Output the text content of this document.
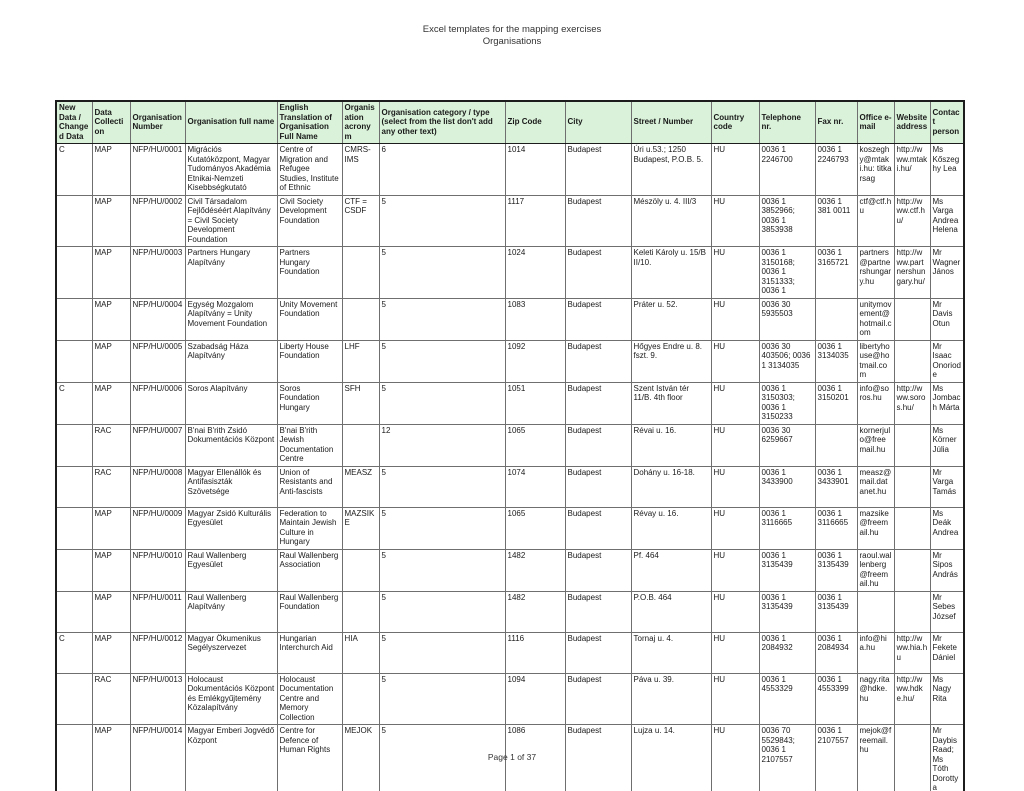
Excel templates for the mapping exercises
Organisations
New Data / Changed Data	Data Collection	Organisation Number	Organisation full name	English Translation of Organisation Full Name	Organisation acronym	Organisation category / type (select from the list don't add any other text)	Zip Code	City	Street / Number	Country code	Telephone nr.	Fax nr.	Office e-mail	Website address	Contact person
C	MAP	NFP/HU/0001	Migrációs Kutatóközpont, Magyar Tudományos Akadémia Etnikai-Nemzeti Kisebbségkutató	Centre of Migration and Refugee Studies, Institute of Ethnic	CMRS-IMS	6	1014	Budapest	Úri u.53.; 1250 Budapest, P.O.B. 5.	HU	0036 1 2246700	0036 1 2246793	koszeghy@mtaki.hu: titkarsag	http://www.mtaki.hu/	Ms Kőszeghy Lea
	MAP	NFP/HU/0002	Civil Társadalom Fejlődéséért Alapítvány = Civil Society Development Foundation	Civil Society Development Foundation	CTF = CSDF	5	1117	Budapest	Mészöly u. 4. III/3	HU	0036 1 3852966; 0036 1 3853938	0036 1 381 0011	ctf@ctf.hu	http://www.ctf.hu/	Ms Varga Andrea Helena
	MAP	NFP/HU/0003	Partners Hungary Alapítvány	Partners Hungary Foundation		5	1024	Budapest	Keleti Károly u. 15/B II/10.	HU	0036 1 3150168; 0036 1 3151333; 0036 1	0036 1 3165721	partners@partnershungary.hu	http://www.partnershungary.hu/	Mr Wagner János
	MAP	NFP/HU/0004	Egység Mozgalom Alapítvány = Unity Movement Foundation	Unity Movement Foundation		5	1083	Budapest	Práter u. 52.	HU	0036 30 5935503		unitymovement@hotmail.com		Mr Davis Otun
	MAP	NFP/HU/0005	Szabadság Háza Alapítvány	Liberty House Foundation	LHF	5	1092	Budapest	Hőgyes Endre u. 8. fszt. 9.	HU	0036 30 403506; 0036 1 3134035	0036 1 3134035	libertyhouse@hotmail.com		Mr Isaac Onoriode
C	MAP	NFP/HU/0006	Soros Alapítvány	Soros Foundation Hungary	SFH	5	1051	Budapest	Szent István tér 11/B. 4th floor	HU	0036 1 3150303; 0036 1 3150233	0036 1 3150201	info@soros.hu	http://www.soros.hu/	Ms Jombach Márta
	RAC	NFP/HU/0007	B'nai B'rith Zsidó Dokumentációs Központ	B'nai B'rith Jewish Documentation Centre		12	1065	Budapest	Révai u. 16.	HU	0036 30 6259667		kornerjulo@freemail.hu		Ms Körner Júlia
	RAC	NFP/HU/0008	Magyar Ellenállók és Antifasiszták Szövetsége	Union of Resistants and Anti-fascists	MEASZ	5	1074	Budapest	Dohány u. 16-18.	HU	0036 1 3433900	0036 1 3433901	measz@mail.datanet.hu		Mr Varga Tamás
	MAP	NFP/HU/0009	Magyar Zsidó Kulturális Egyesület	Federation to Maintain Jewish Culture in Hungary	MAZSIKE	5	1065	Budapest	Révay u. 16.	HU	0036 1 3116665	0036 1 3116665	mazsike@freemail.hu		Ms Deák Andrea
	MAP	NFP/HU/0010	Raul Wallenberg Egyesület	Raul Wallenberg Association		5	1482	Budapest	Pf. 464	HU	0036 1 3135439	0036 1 3135439	raoul.wallenberg@freemail.hu		Mr Sipos András
	MAP	NFP/HU/0011	Raul Wallenberg Alapítvány	Raul Wallenberg Foundation		5	1482	Budapest	P.O.B. 464	HU	0036 1 3135439	0036 1 3135439			Mr Sebes József
C	MAP	NFP/HU/0012	Magyar Ökumenikus Segélyszervezet	Hungarian Interchurch Aid	HIA	5	1116	Budapest	Tornaj u. 4.	HU	0036 1 2084932	0036 1 2084934	info@hia.hu	http://www.hia.hu	Mr Fekete Dániel
	RAC	NFP/HU/0013	Holocaust Dokumentációs Központ és Emlékgyűjtemény Közalapítvány	Holocaust Documentation Centre and Memory Collection		5	1094	Budapest	Páva u. 39.	HU	0036 1 4553329	0036 1 4553399	nagy.rita@hdke.hu	http://www.hdke.hu/	Ms Nagy Rita
	MAP	NFP/HU/0014	Magyar Emberi Jogvédő Központ	Centre for Defence of Human Rights	MEJOK	5	1086	Budapest	Lujza u. 14.	HU	0036 70 5529843; 0036 1 2107557	0036 1 2107557	mejok@freemail.hu		Mr Daybis Raad; Ms Tóth Dorottya
Page 1 of 37
